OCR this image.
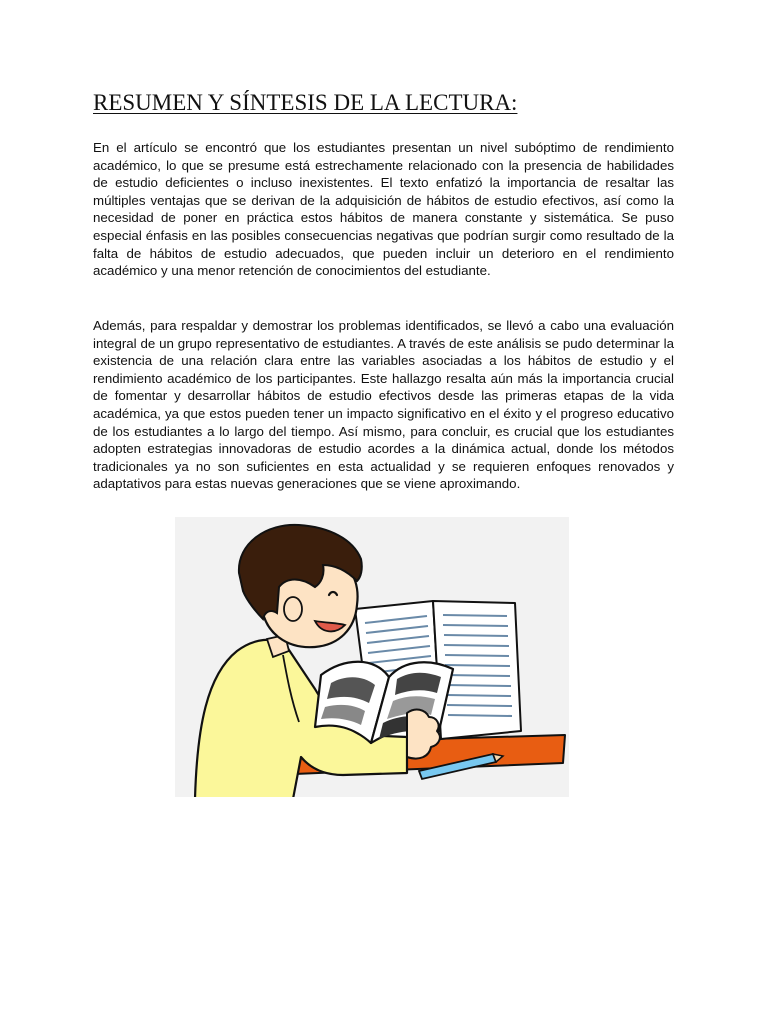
RESUMEN Y SÍNTESIS DE LA LECTURA:

En el artículo se encontró que los estudiantes presentan un nivel subóptimo de rendimiento académico, lo que se presume está estrechamente relacionado con la presencia de habilidades de estudio deficientes o incluso inexistentes. El texto enfatizó la importancia de resaltar las múltiples ventajas que se derivan de la adquisición de hábitos de estudio efectivos, así como la necesidad de poner en práctica estos hábitos de manera constante y sistemática. Se puso especial énfasis en las posibles consecuencias negativas que podrían surgir como resultado de la falta de hábitos de estudio adecuados, que pueden incluir un deterioro en el rendimiento académico y una menor retención de conocimientos del estudiante.

Además, para respaldar y demostrar los problemas identificados, se llevó a cabo una evaluación integral de un grupo representativo de estudiantes. A través de este análisis se pudo determinar la existencia de una relación clara entre las variables asociadas a los hábitos de estudio y el rendimiento académico de los participantes. Este hallazgo resalta aún más la importancia crucial de fomentar y desarrollar hábitos de estudio efectivos desde las primeras etapas de la vida académica, ya que estos pueden tener un impacto significativo en el éxito y el progreso educativo de los estudiantes a lo largo del tiempo. Así mismo, para concluir, es crucial que los estudiantes adopten estrategias innovadoras de estudio acordes a la dinámica actual, donde los métodos tradicionales ya no son suficientes en esta actualidad y se requieren enfoques renovados y adaptativos para estas nuevas generaciones que se viene aproximando.
